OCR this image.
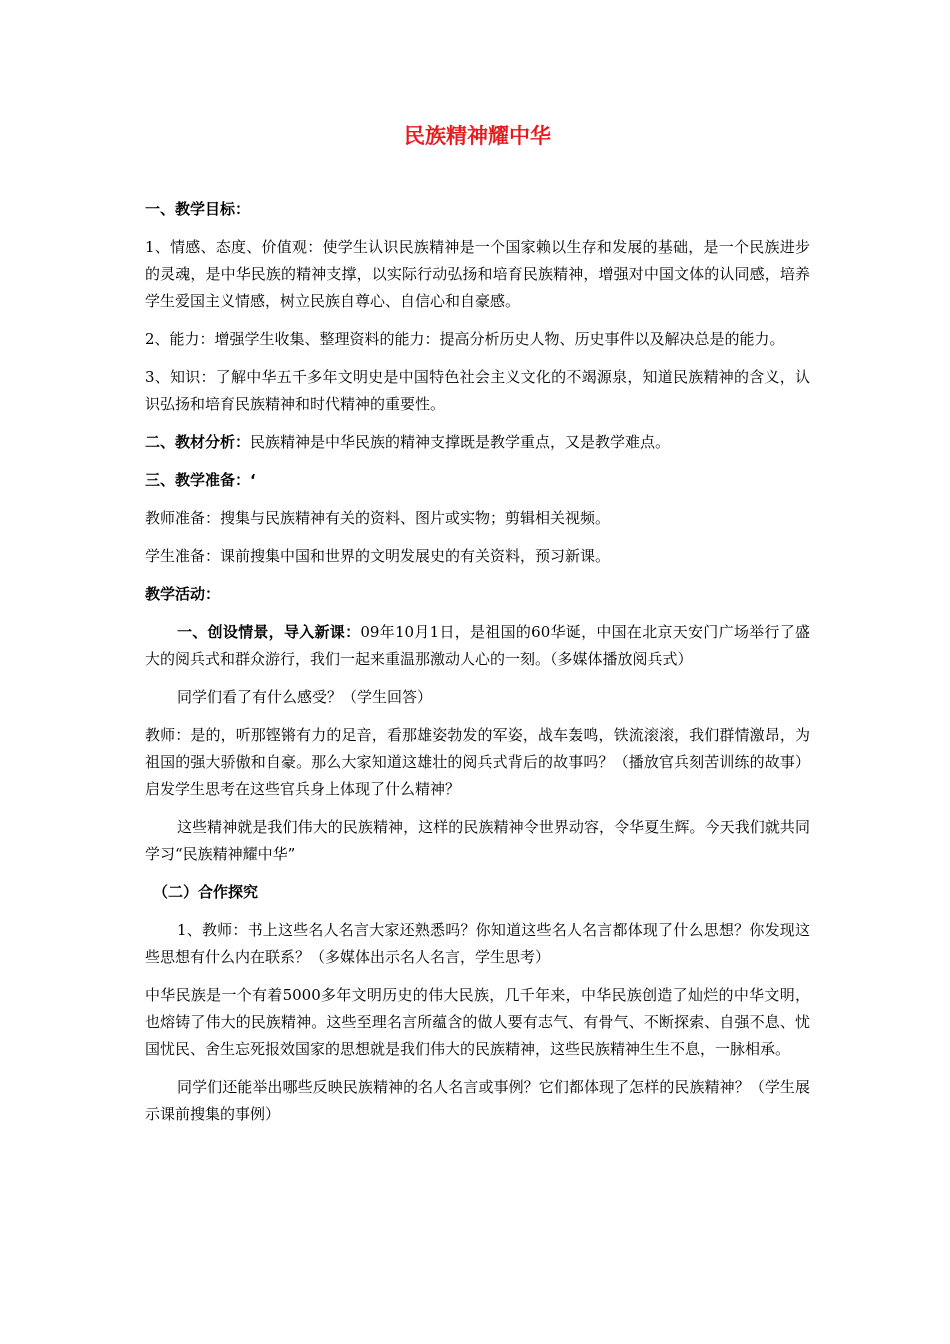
民族精神耀中华

一、教学目标：

1、情感、态度、价值观：使学生认识民族精神是一个国家赖以生存和发展的基础，是一个民族进步的灵魂，是中华民族的精神支撑，以实际行动弘扬和培育民族精神，增强对中国文体的认同感，培养学生爱国主义情感，树立民族自尊心、自信心和自豪感。

2、能力：增强学生收集、整理资料的能力：提高分析历史人物、历史事件以及解决总是的能力。

3、知识：了解中华五千多年文明史是中国特色社会主义文化的不竭源泉，知道民族精神的含义，认识弘扬和培育民族精神和时代精神的重要性。

二、教材分析：民族精神是中华民族的精神支撑既是教学重点，又是教学难点。

三、教学准备：‘

教师准备：搜集与民族精神有关的资料、图片或实物；剪辑相关视频。

学生准备：课前搜集中国和世界的文明发展史的有关资料，预习新课。

教学活动：

一、创设情景，导入新课：09年10月1日，是祖国的60华诞，中国在北京天安门广场举行了盛大的阅兵式和群众游行，我们一起来重温那激动人心的一刻。（多媒体播放阅兵式）

同学们看了有什么感受？（学生回答）

教师：是的，听那铿锵有力的足音，看那雄姿勃发的军姿，战车轰鸣，铁流滚滚，我们群情激昂，为祖国的强大骄傲和自豪。那么大家知道这雄壮的阅兵式背后的故事吗？（播放官兵刻苦训练的故事）启发学生思考在这些官兵身上体现了什么精神？

这些精神就是我们伟大的民族精神，这样的民族精神令世界动容，令华夏生辉。今天我们就共同学习“民族精神耀中华”

（二）合作探究

1、教师：书上这些名人名言大家还熟悉吗？你知道这些名人名言都体现了什么思想？你发现这些思想有什么内在联系？（多媒体出示名人名言，学生思考）

中华民族是一个有着5000多年文明历史的伟大民族，几千年来，中华民族创造了灿烂的中华文明，也熔铸了伟大的民族精神。这些至理名言所蕴含的做人要有志气、有骨气、不断探索、自强不息、忧国忧民、舍生忘死报效国家的思想就是我们伟大的民族精神，这些民族精神生生不息，一脉相承。

同学们还能举出哪些反映民族精神的名人名言或事例？它们都体现了怎样的民族精神？（学生展示课前搜集的事例）
